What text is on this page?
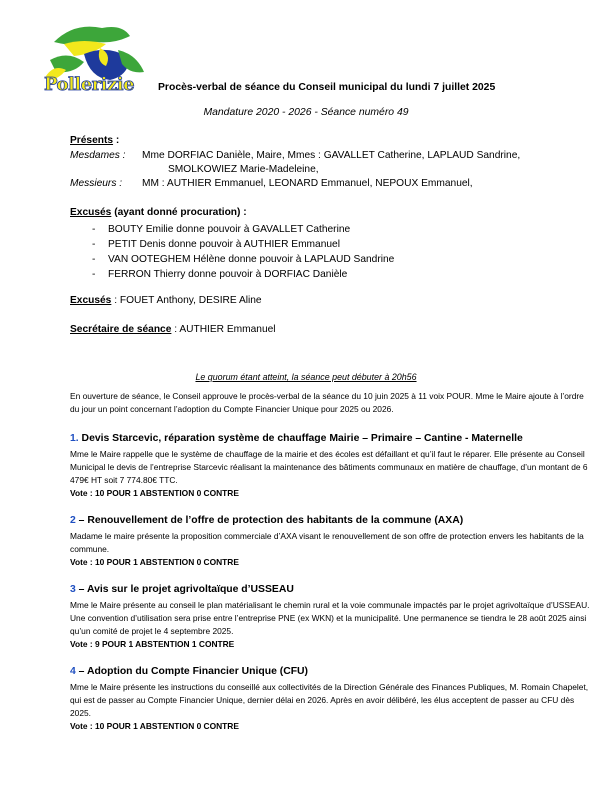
Pollerizie Procès-verbal de séance du Conseil municipal du lundi 7 juillet 2025
Mandature 2020 - 2026 - Séance numéro 49
Présents :
Mesdames : Mme DORFIAC Danièle, Maire, Mmes : GAVALLET Catherine, LAPLAUD Sandrine,
SMOLKOWIEZ Marie-Madeleine,
Messieurs : MM : AUTHIER Emmanuel, LEONARD Emmanuel, NEPOUX Emmanuel,
Excusés (ayant donné procuration) :
- BOUTY Emilie donne pouvoir à GAVALLET Catherine
- PETIT Denis donne pouvoir à AUTHIER Emmanuel
- VAN OOTEGHEM Hélène donne pouvoir à LAPLAUD Sandrine
- FERRON Thierry donne pouvoir à DORFIAC Danièle
Excusés : FOUET Anthony, DESIRE Aline
Secrétaire de séance : AUTHIER Emmanuel
Le quorum étant atteint, la séance peut débuter à 20h56

En ouverture de séance, le Conseil approuve le procès-verbal de la séance du 10 juin 2025 à 11 voix POUR. Mme le Maire ajoute à l’ordre du jour un point concernant l’adoption du Compte Financier Unique pour 2025 ou 2026.

1. Devis Starcevic, réparation système de chauffage Mairie – Primaire – Cantine - Maternelle

Mme le Maire rappelle que le système de chauffage de la mairie et des écoles est défaillant et qu’il faut le réparer. Elle présente au Conseil Municipal le devis de l’entreprise Starcevic réalisant la maintenance des bâtiments communaux en matière de chauffage, d’un montant de 6 479€ HT soit 7 774.80€ TTC.

Vote : 10 POUR 1 ABSTENTION 0 CONTRE

2 – Renouvellement de l’offre de protection des habitants de la commune (AXA)

Madame le maire présente la proposition commerciale d’AXA visant le renouvellement de son offre de protection envers les habitants de la commune.

Vote : 10 POUR 1 ABSTENTION 0 CONTRE

3 – Avis sur le projet agrivoltaïque d’USSEAU

Mme le Maire présente au conseil le plan matérialisant le chemin rural et la voie communale impactés par le projet agrivoltaïque d’USSEAU. Une convention d’utilisation sera prise entre l’entreprise PNE (ex WKN) et la municipalité. Une permanence se tiendra le 28 août 2025 ainsi qu’un comité de projet le 4 septembre 2025.

Vote : 9 POUR 1 ABSTENTION 1 CONTRE

4 – Adoption du Compte Financier Unique (CFU)

Mme le Maire présente les instructions du conseillé aux collectivités de la Direction Générale des Finances Publiques, M. Romain Chapelet, qui est de passer au Compte Financier Unique, dernier délai en 2026. Après en avoir délibéré, les élus acceptent de passer au CFU dès 2025.

Vote : 10 POUR 1 ABSTENTION 0 CONTRE
